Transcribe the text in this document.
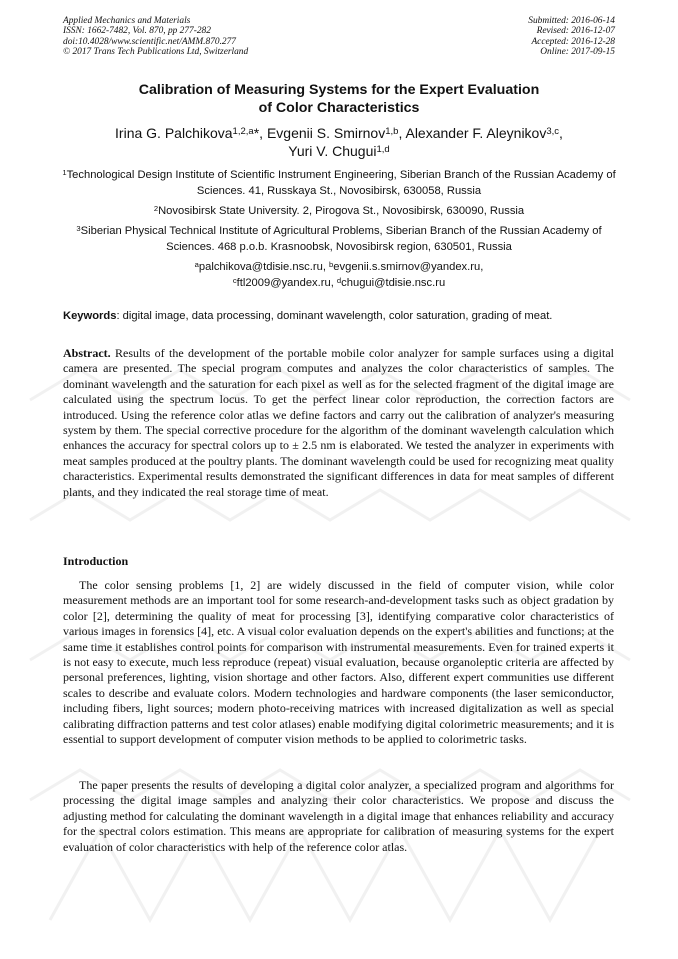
Applied Mechanics and Materials
ISSN: 1662-7482, Vol. 870, pp 277-282
doi:10.4028/www.scientific.net/AMM.870.277
© 2017 Trans Tech Publications Ltd, Switzerland
Submitted: 2016-06-14
Revised: 2016-12-07
Accepted: 2016-12-28
Online: 2017-09-15
Calibration of Measuring Systems for the Expert Evaluation
of Color Characteristics
Irina G. Palchikova$^{1,2,a}$*, Evgenii S. Smirnov$^{1,b}$, Alexander F. Aleynikov$^{3,c}$,
Yuri V. Chugui$^{1,d}$
$^1$Technological Design Institute of Scientific Instrument Engineering, Siberian Branch of the Russian Academy of Sciences. 41, Russkaya St., Novosibirsk, 630058, Russia
$^2$Novosibirsk State University. 2, Pirogova St., Novosibirsk, 630090, Russia
$^3$Siberian Physical Technical Institute of Agricultural Problems, Siberian Branch of the Russian Academy of Sciences. 468 p.o.b. Krasnoobsk, Novosibirsk region, 630501, Russia
$^a$palchikova@tdisie.nsc.ru, $^b$evgenii.s.smirnov@yandex.ru,
$^c$ftl2009@yandex.ru, $^d$chugui@tdisie.nsc.ru
Keywords: digital image, data processing, dominant wavelength, color saturation, grading of meat.

Abstract. Results of the development of the portable mobile color analyzer for sample surfaces using a digital camera are presented. The special program computes and analyzes the color characteristics of samples. The dominant wavelength and the saturation for each pixel as well as for the selected fragment of the digital image are calculated using the spectrum locus. To get the perfect linear color reproduction, the correction factors are introduced. Using the reference color atlas we define factors and carry out the calibration of analyzer's measuring system by them. The special corrective procedure for the algorithm of the dominant wavelength calculation which enhances the accuracy for spectral colors up to ± 2.5 nm is elaborated. We tested the analyzer in experiments with meat samples produced at the poultry plants. The dominant wavelength could be used for recognizing meat quality characteristics. Experimental results demonstrated the significant differences in data for meat samples of different plants, and they indicated the real storage time of meat.

Introduction

The color sensing problems [1, 2] are widely discussed in the field of computer vision, while color measurement methods are an important tool for some research-and-development tasks such as object gradation by color [2], determining the quality of meat for processing [3], identifying comparative color characteristics of various images in forensics [4], etc. A visual color evaluation depends on the expert's abilities and functions; at the same time it establishes control points for comparison with instrumental measurements. Even for trained experts it is not easy to execute, much less reproduce (repeat) visual evaluation, because organoleptic criteria are affected by personal preferences, lighting, vision shortage and other factors. Also, different expert communities use different scales to describe and evaluate colors. Modern technologies and hardware components (the laser semiconductor, including fibers, light sources; modern photo-receiving matrices with increased digitalization as well as special calibrating diffraction patterns and test color atlases) enable modifying digital colorimetric measurements; and it is essential to support development of computer vision methods to be applied to colorimetric tasks.

The paper presents the results of developing a digital color analyzer, a specialized program and algorithms for processing the digital image samples and analyzing their color characteristics. We propose and discuss the adjusting method for calculating the dominant wavelength in a digital image that enhances reliability and accuracy for the spectral colors estimation. This means are appropriate for calibration of measuring systems for the expert evaluation of color characteristics with help of the reference color atlas.
